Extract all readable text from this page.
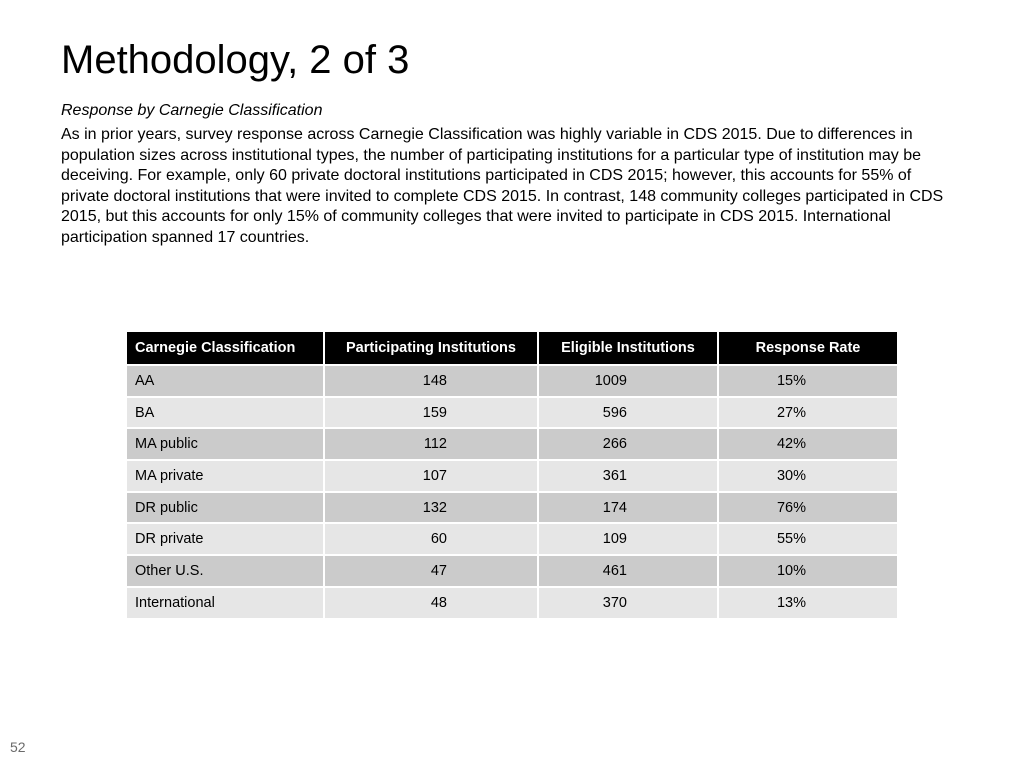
Methodology, 2 of 3

Response by Carnegie Classification

As in prior years, survey response across Carnegie Classification was highly variable in CDS 2015. Due to differences in population sizes across institutional types, the number of participating institutions for a particular type of institution may be deceiving. For example, only 60 private doctoral institutions participated in CDS 2015; however, this accounts for 55% of private doctoral institutions that were invited to complete CDS 2015. In contrast, 148 community colleges participated in CDS 2015, but this accounts for only 15% of community colleges that were invited to participate in CDS 2015. International participation spanned 17 countries.

Carnegie Classification	Participating Institutions	Eligible Institutions	Response Rate
AA	148	1009	15%
BA	159	596	27%
MA public	112	266	42%
MA private	107	361	30%
DR public	132	174	76%
DR private	60	109	55%
Other U.S.	47	461	10%
International	48	370	13%
52
